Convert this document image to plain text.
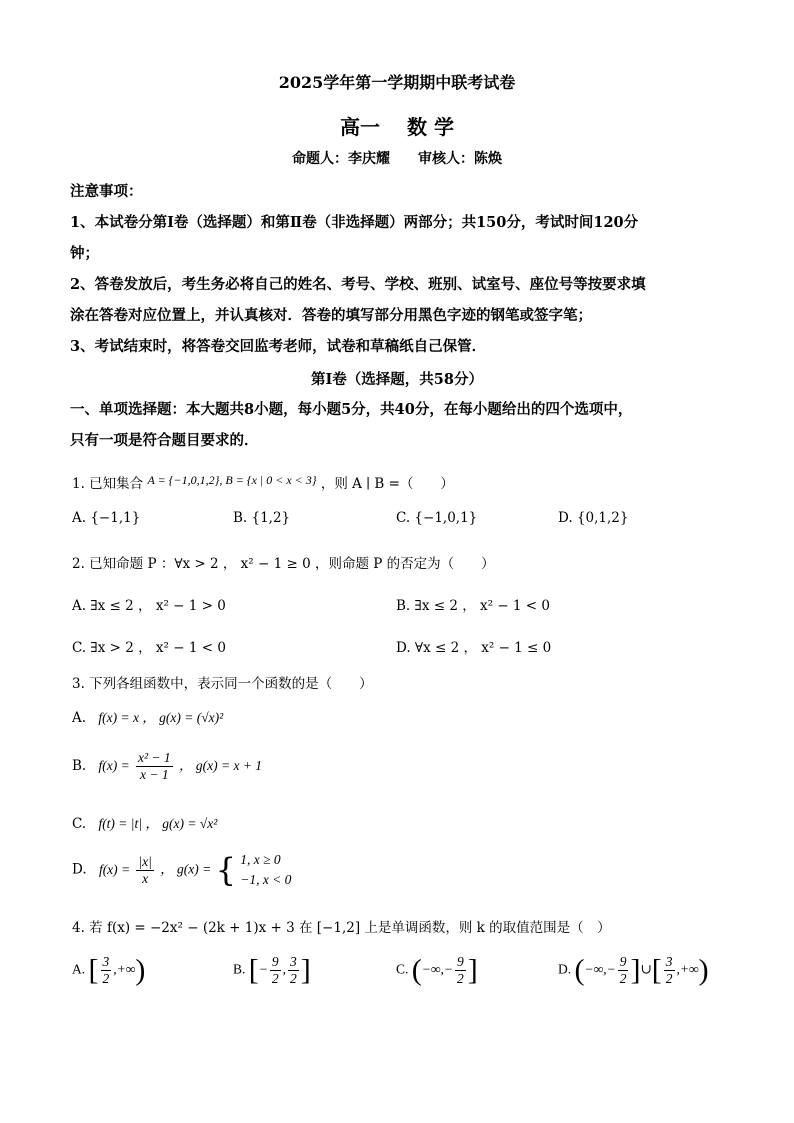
2025学年第一学期期中联考试卷
高一　 数 学
命题人：李庆耀　　审核人：陈焕
注意事项：
1、本试卷分第Ⅰ卷（选择题）和第Ⅱ卷（非选择题）两部分；共150分，考试时间120分
钟；
2、答卷发放后，考生务必将自己的姓名、考号、学校、班别、试室号、座位号等按要求填
涂在答卷对应位置上，并认真核对．答卷的填写部分用黑色字迹的钢笔或签字笔；
3、考试结束时，将答卷交回监考老师，试卷和草稿纸自己保管．
第Ⅰ卷（选择题，共58分）
一、单项选择题：本大题共8小题，每小题5分，共40分，在每小题给出的四个选项中，
只有一项是符合题目要求的．
1. 已知集合 A = {−1,0,1,2}, B = {x | 0 < x < 3} ，则 A ∣ B =（　　）
A. {−1,1}	B. {1,2}	C. {−1,0,1}	D. {0,1,2}
2. 已知命题 P ：∀x > 2 ， x² − 1 ≥ 0 ，则命题 P 的否定为（　　）
A. ∃x ≤ 2 ， x² − 1 > 0	B. ∃x ≤ 2 ， x² − 1 < 0
C. ∃x > 2 ， x² − 1 < 0	D. ∀x ≤ 2 ， x² − 1 ≤ 0
3. 下列各组函数中，表示同一个函数的是（　　）
A. f(x) = x ， g(x) = (√x)²
B. $f(x) = \frac{\text{x² − 1}}{x - 1}$ ， g(x) = x + 1
C. f(t) = |t| ， g(x) = √x²
D. $f(x) = \frac{|x|}{x}$ ， g(x) = { 1, x ≥ 0
−1, x < 0
4. 若 f(x) = −2x² − (2k + 1)x + 3 在 [−1,2] 上是单调函数，则 k 的取值范围是（　）
A. [ $\frac{3}{2}$ ,+∞)	B. [− $\frac{9}{2}$ , $\frac{3}{2}$ ]	C. (−∞,− $\frac{9}{2}$ ]	D. (−∞,− $\frac{9}{2}$ ]∪[ $\frac{3}{2}$ ,+∞)
